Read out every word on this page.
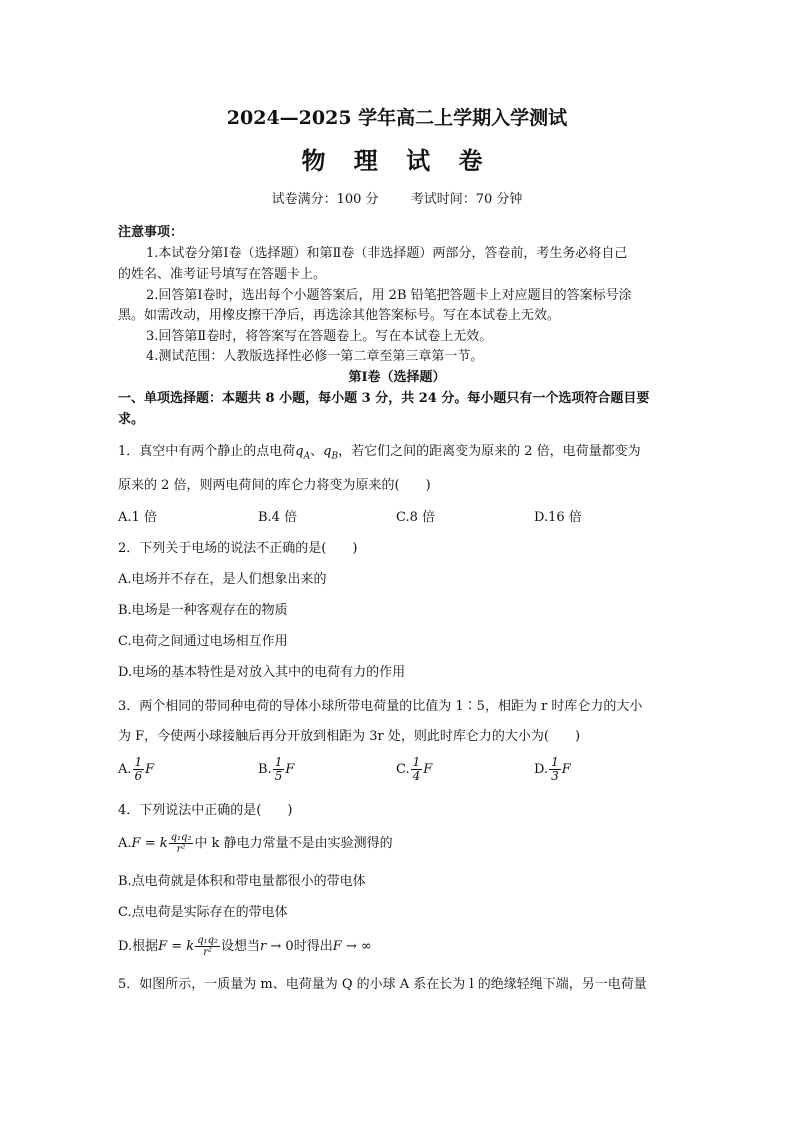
2024—2025 学年高二上学期入学测试
物 理 试 卷
试卷满分：100 分 考试时间：70 分钟
注意事项：
1.本试卷分第Ⅰ卷（选择题）和第Ⅱ卷（非选择题）两部分，答卷前，考生务必将自己
的姓名、准考证号填写在答题卡上。
2.回答第Ⅰ卷时，选出每个小题答案后，用 2B 铅笔把答题卡上对应题目的答案标号涂
黑。如需改动，用橡皮擦干净后，再选涂其他答案标号。写在本试卷上无效。
3.回答第Ⅱ卷时，将答案写在答题卷上。写在本试卷上无效。
4.测试范围：人教版选择性必修一第二章至第三章第一节。
第Ⅰ卷（选择题）
一、单项选择题：本题共 8 小题，每小题 3 分，共 24 分。每小题只有一个选项符合题目要
求。
1．真空中有两个静止的点电荷$q_A$、$q_B$，若它们之间的距离变为原来的 2 倍，电荷量都变为
原来的 2 倍，则两电荷间的库仑力将变为原来的(　　)
A.1 倍	B.4 倍	C.8 倍	D.16 倍
2．下列关于电场的说法不正确的是(　　)
A.电场并不存在，是人们想象出来的
B.电场是一种客观存在的物质
C.电荷之间通过电场相互作用
D.电场的基本特性是对放入其中的电荷有力的作用
3．两个相同的带同种电荷的导体小球所带电荷量的比值为 1∶5，相距为 r 时库仑力的大小
为 F，今使两小球接触后再分开放到相距为 3r 处，则此时库仑力的大小为(　　)
A. $\frac{1}{6}$ F	B. $\frac{1}{5}$ F	C. $\frac{1}{4}$ F	D. $\frac{1}{3}$ F
4．下列说法中正确的是(　　)
A.F = k $\frac{\text{q₁q₂}}{\text{r²}}$ 中 k 静电力常量不是由实验测得的
B.点电荷就是体积和带电量都很小的带电体
C.点电荷是实际存在的带电体
D.根据F = k $\frac{\text{q₁q₂}}{\text{r²}}$ 设想当r → 0时得出F → ∞
5．如图所示，一质量为 m、电荷量为 Q 的小球 A 系在长为 l 的绝缘轻绳下端，另一电荷量
